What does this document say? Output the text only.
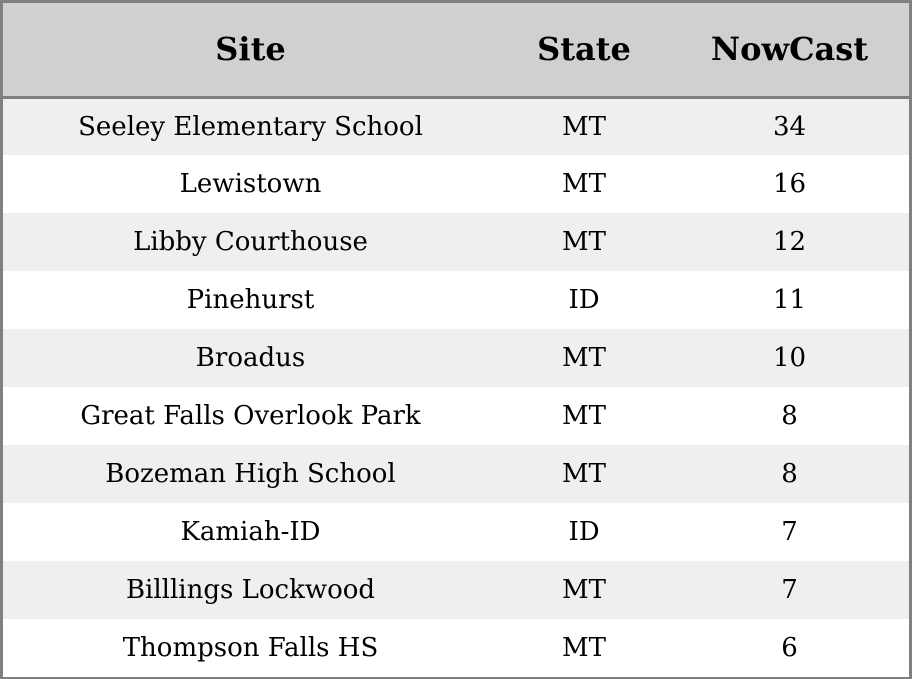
Site	State	NowCast
Seeley Elementary School	MT	34
Lewistown	MT	16
Libby Courthouse	MT	12
Pinehurst	ID	11
Broadus	MT	10
Great Falls Overlook Park	MT	8
Bozeman High School	MT	8
Kamiah-ID	ID	7
Billlings Lockwood	MT	7
Thompson Falls HS	MT	6
